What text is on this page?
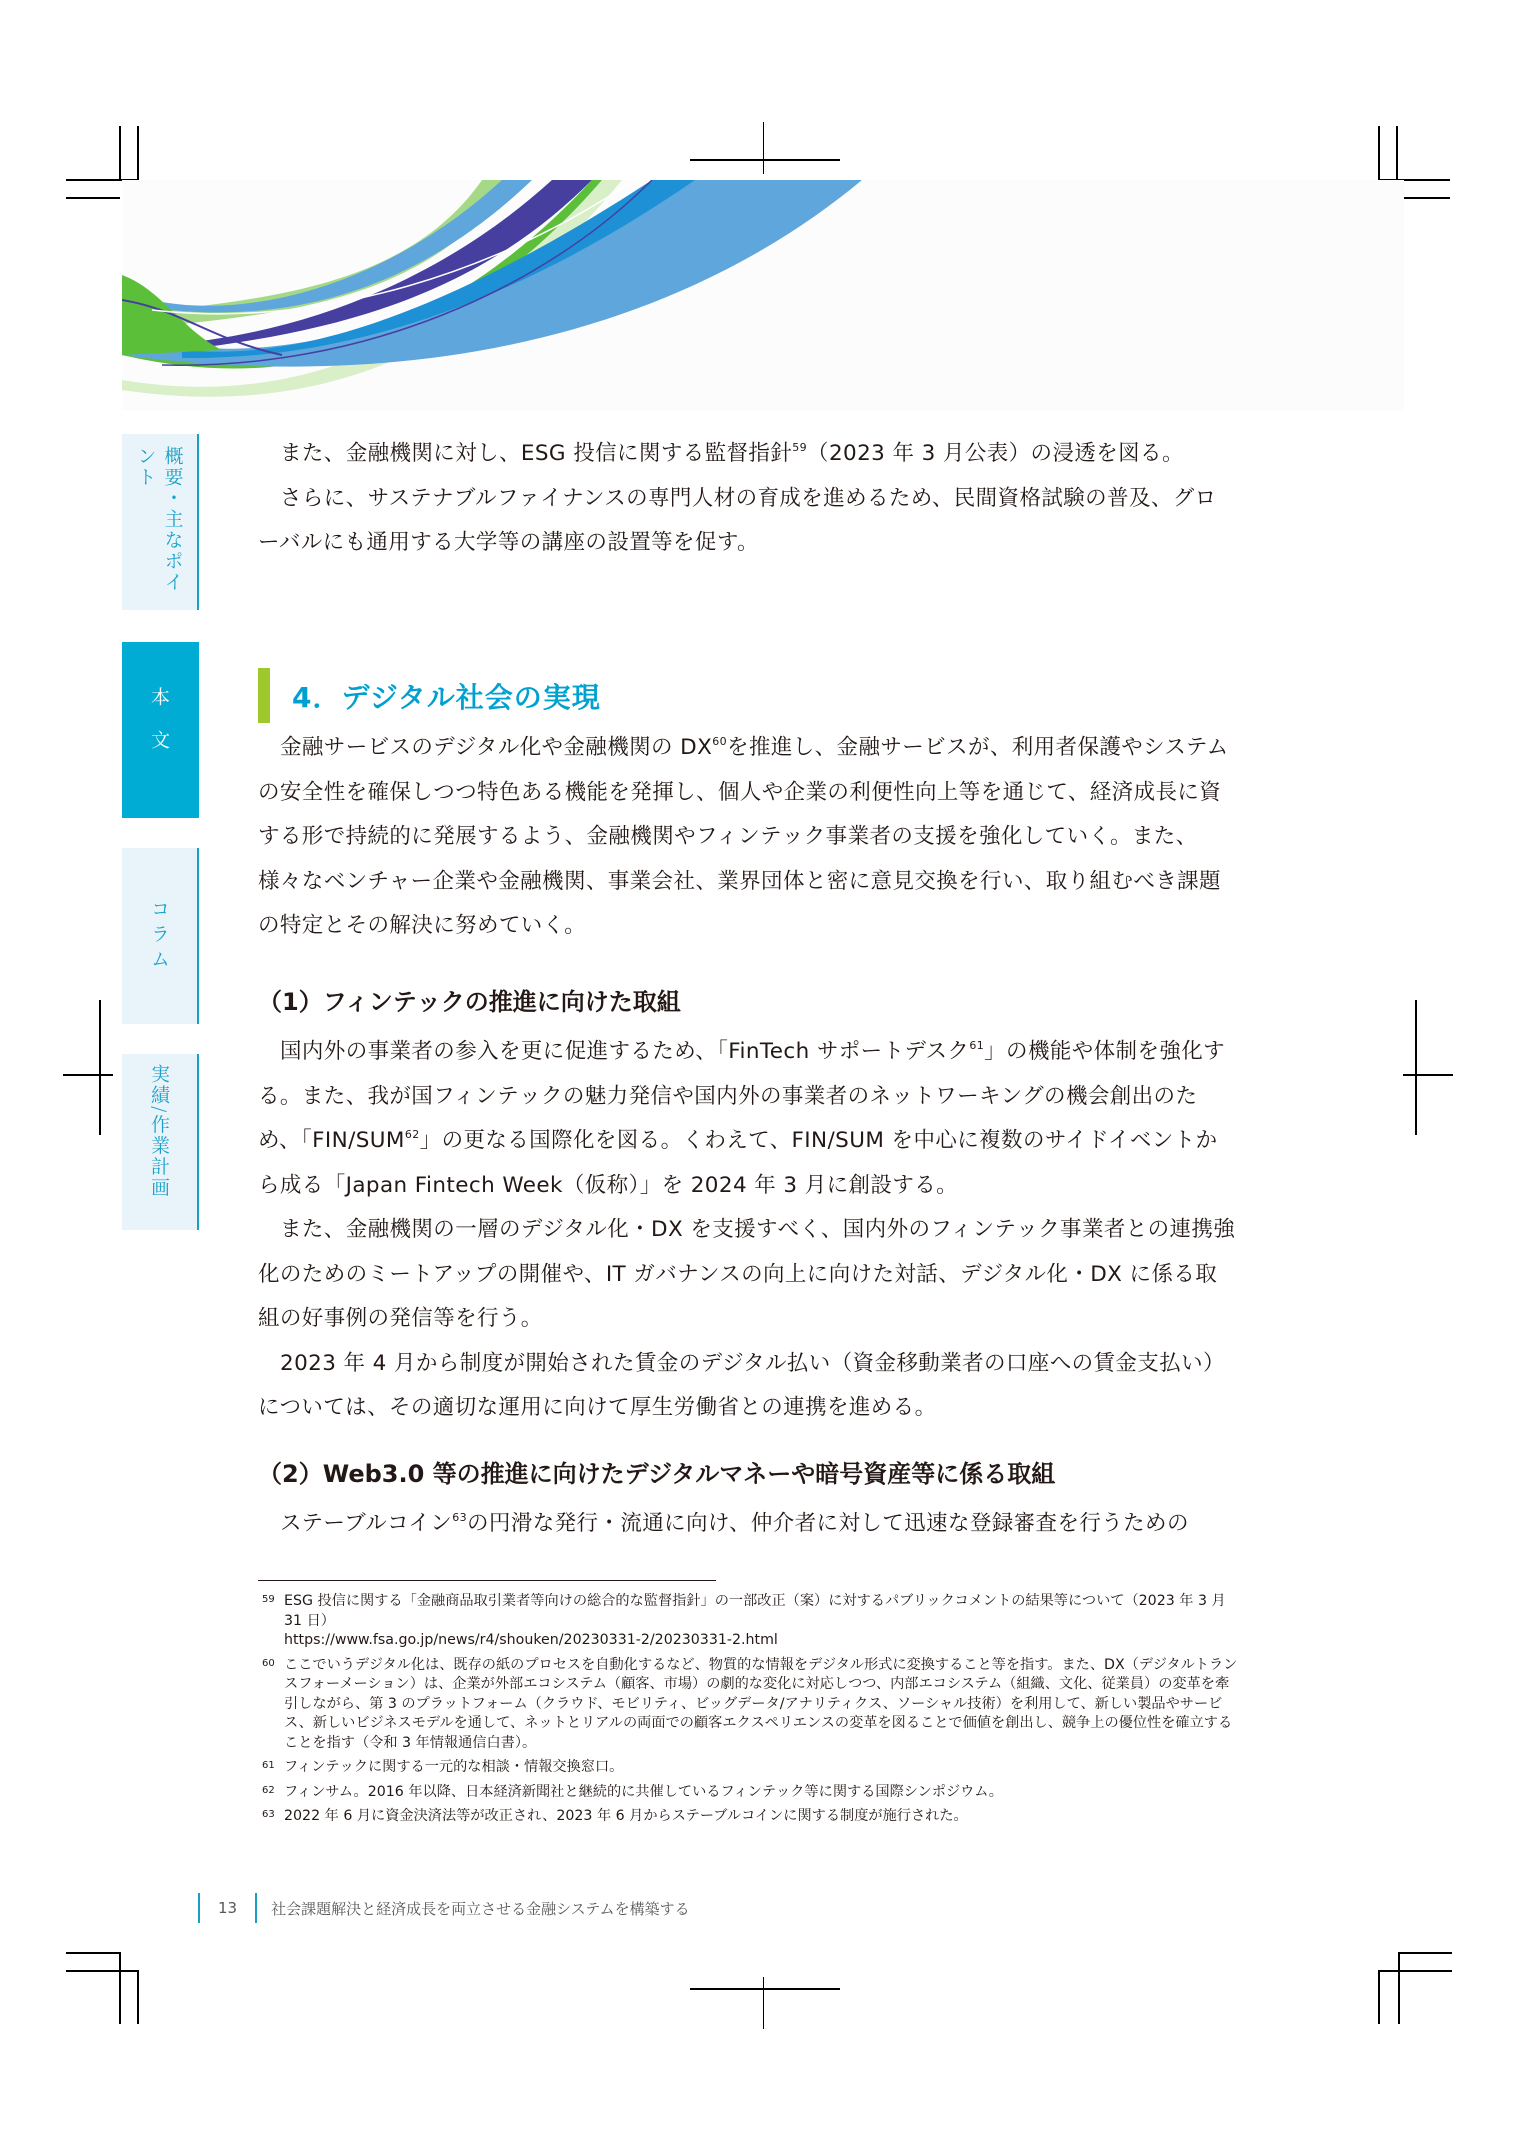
概要・主なポイント
本文
コラム
実績/作業計画

また、金融機関に対し、ESG 投信に関する監督指針$^{59}$（2023 年 3 月公表）の浸透を図る。

さらに、サステナブルファイナンスの専門人材の育成を進めるため、民間資格試験の普及、グローバルにも通用する大学等の講座の設置等を促す。

4．デジタル社会の実現

金融サービスのデジタル化や金融機関の DX$^{60}$を推進し、金融サービスが、利用者保護やシステムの安全性を確保しつつ特色ある機能を発揮し、個人や企業の利便性向上等を通じて、経済成長に資する形で持続的に発展するよう、金融機関やフィンテック事業者の支援を強化していく。また、様々なベンチャー企業や金融機関、事業会社、業界団体と密に意見交換を行い、取り組むべき課題の特定とその解決に努めていく。

（1）フィンテックの推進に向けた取組

国内外の事業者の参入を更に促進するため、「FinTech サポートデスク$^{61}$」の機能や体制を強化する。また、我が国フィンテックの魅力発信や国内外の事業者のネットワーキングの機会創出のため、「FIN/SUM$^{62}$」の更なる国際化を図る。くわえて、FIN/SUM を中心に複数のサイドイベントから成る「Japan Fintech Week（仮称）」を 2024 年 3 月に創設する。

また、金融機関の一層のデジタル化・DX を支援すべく、国内外のフィンテック事業者との連携強化のためのミートアップの開催や、IT ガバナンスの向上に向けた対話、デジタル化・DX に係る取組の好事例の発信等を行う。

2023 年 4 月から制度が開始された賃金のデジタル払い（資金移動業者の口座への賃金支払い）については、その適切な運用に向けて厚生労働省との連携を進める。

（2）Web3.0 等の推進に向けたデジタルマネーや暗号資産等に係る取組

ステーブルコイン$^{63}$の円滑な発行・流通に向け、仲介者に対して迅速な登録審査を行うための

59 ESG 投信に関する「金融商品取引業者等向けの総合的な監督指針」の一部改正（案）に対するパブリックコメントの結果等について（2023 年 3 月 31 日）
https://www.fsa.go.jp/news/r4/shouken/20230331-2/20230331-2.html
60 ここでいうデジタル化は、既存の紙のプロセスを自動化するなど、物質的な情報をデジタル形式に変換すること等を指す。また、DX（デジタルトランスフォーメーション）は、企業が外部エコシステム（顧客、市場）の劇的な変化に対応しつつ、内部エコシステム（組織、文化、従業員）の変革を牽引しながら、第 3 のプラットフォーム（クラウド、モビリティ、ビッグデータ/アナリティクス、ソーシャル技術）を利用して、新しい製品やサービス、新しいビジネスモデルを通して、ネットとリアルの両面での顧客エクスペリエンスの変革を図ることで価値を創出し、競争上の優位性を確立することを指す（令和 3 年情報通信白書）。
61 フィンテックに関する一元的な相談・情報交換窓口。
62 フィンサム。2016 年以降、日本経済新聞社と継続的に共催しているフィンテック等に関する国際シンポジウム。
63 2022 年 6 月に資金決済法等が改正され、2023 年 6 月からステーブルコインに関する制度が施行された。
13	社会課題解決と経済成長を両立させる金融システムを構築する
